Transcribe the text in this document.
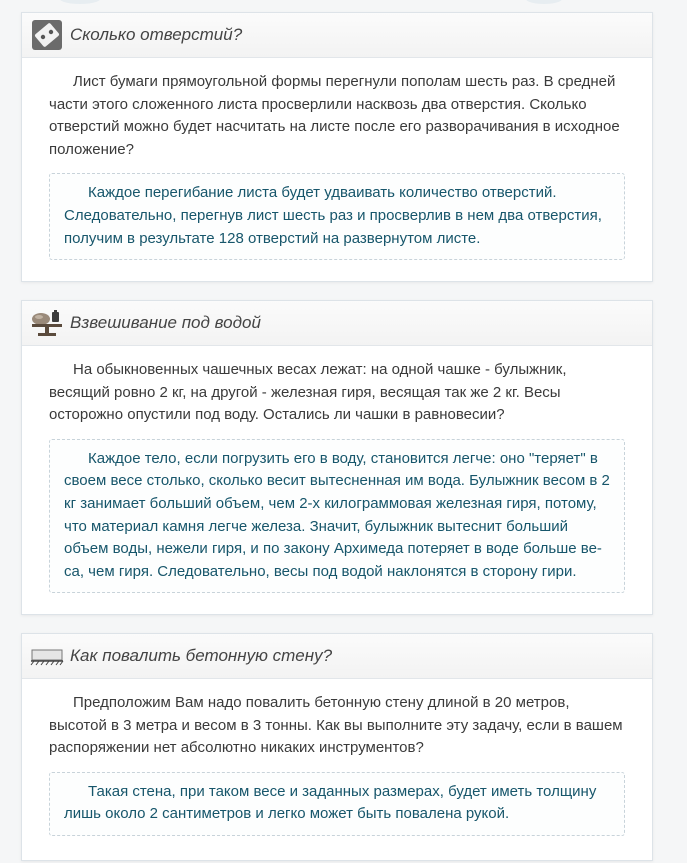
Сколько отверстий?

Лист бумаги прямоугольной формы перегнули пополам шесть раз. В средней части этого сложенного листа просверлили насквозь два отверстия. Сколько отверстий можно будет насчитать на листе после его разворачивания в исходное положение?

Каждое перегибание листа будет удваивать количество отверстий. Следовательно, перегнув лист шесть раз и просверлив в нем два отверстия, получим в результате 128 отверстий на развернутом листе.

Взвешивание под водой

На обыкновенных чашечных весах лежат: на одной чашке - булыжник, весящий ровно 2 кг, на другой - железная гиря, весящая так же 2 кг. Весы осторожно опустили под воду. Остались ли чашки в равновесии?

Каждое тело, если погрузить его в воду, становится легче: оно "теряет" в своем весе столько, сколько весит вытесненная им вода. Булыжник весом в 2 кг занимает больший объем, чем 2-х килограммовая железная гиря, потому, что материал камня легче железа. Значит, булыжник вытеснит больший объем воды, нежели гиря, и по закону Архимеда потеряет в воде больше ве-са, чем гиря. Следовательно, весы под водой наклонятся в сторону гири.

Как повалить бетонную стену?

Предположим Вам надо повалить бетонную стену длиной в 20 метров, высотой в 3 метра и весом в 3 тонны. Как вы выполните эту задачу, если в вашем распоряжении нет абсолютно никаких инструментов?

Такая стена, при таком весе и заданных размерах, будет иметь толщину лишь около 2 сантиметров и легко может быть повалена рукой.
